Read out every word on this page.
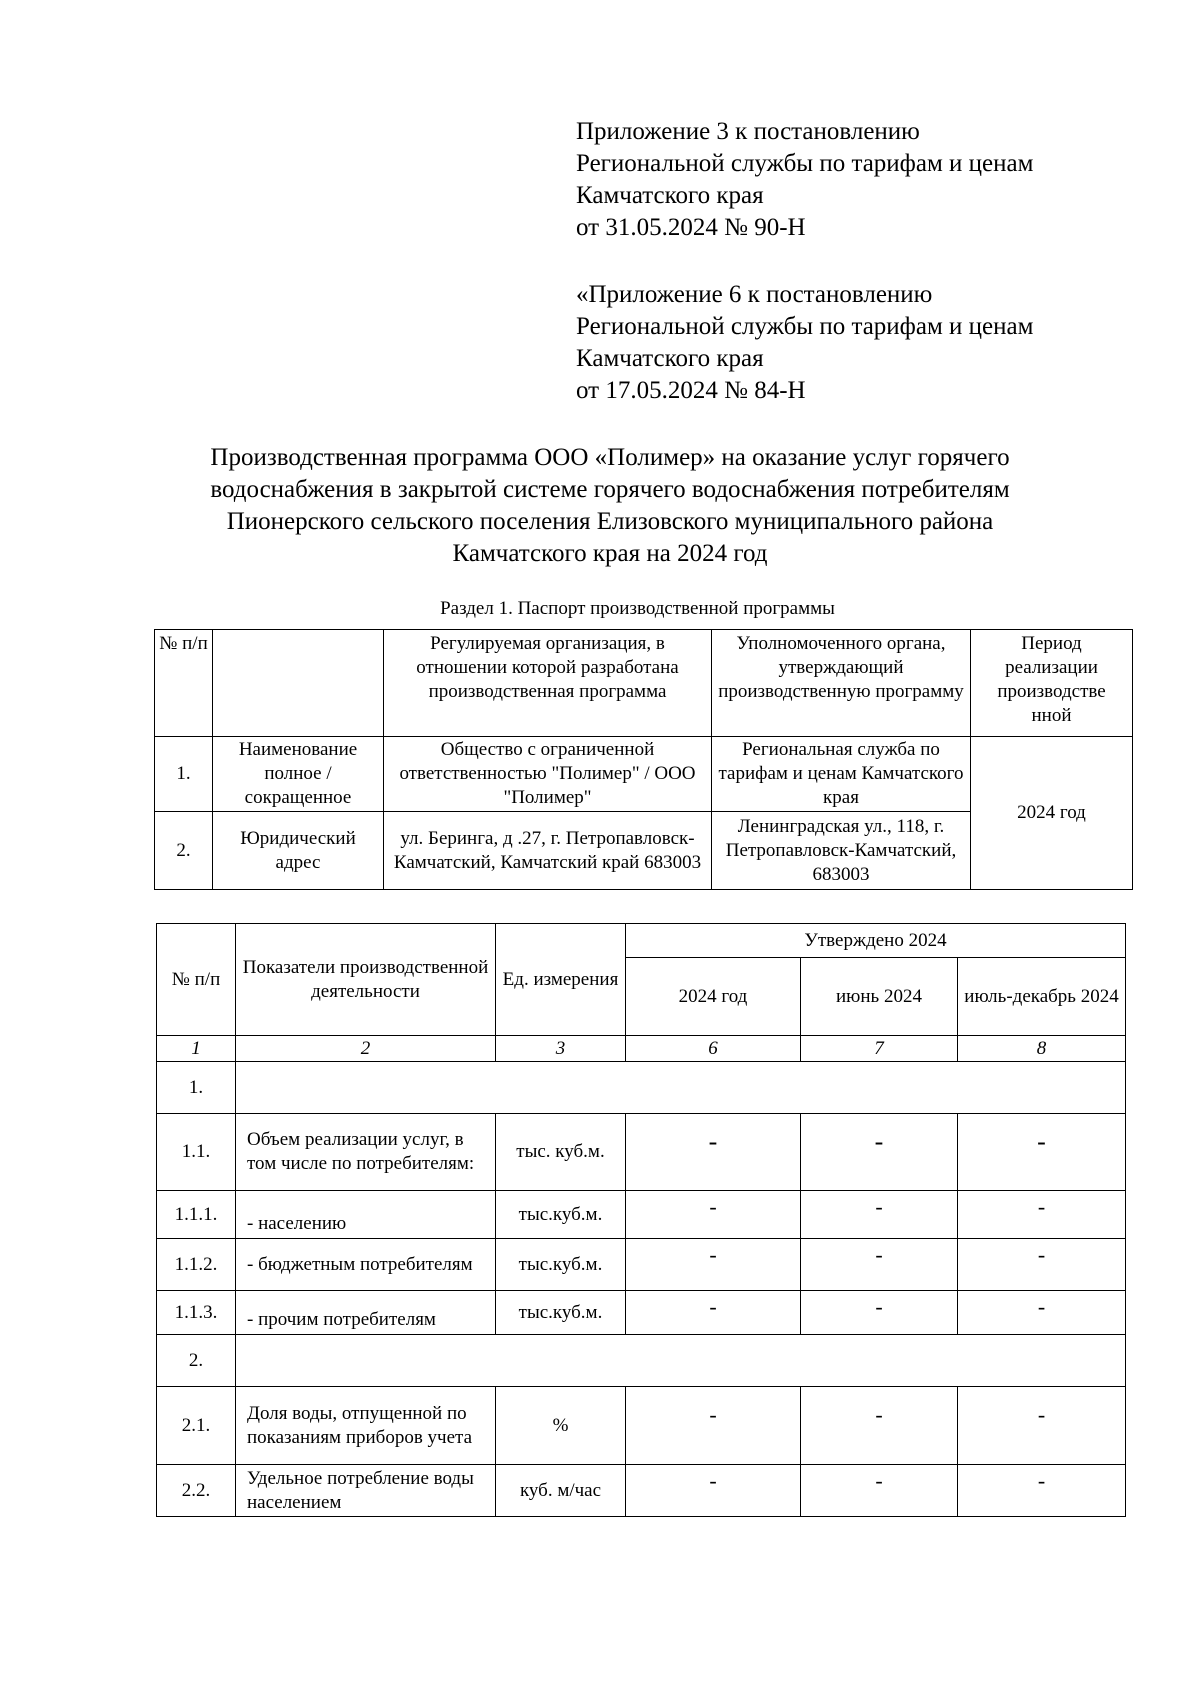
Приложение 3 к постановлению
Региональной службы по тарифам и ценам
Камчатского края
от 31.05.2024 № 90-Н
«Приложение 6 к постановлению
Региональной службы по тарифам и ценам
Камчатского края
от 17.05.2024 № 84-Н
Производственная программа ООО «Полимер» на оказание услуг горячего
водоснабжения в закрытой системе горячего водоснабжения потребителям
Пионерского сельского поселения Елизовского муниципального района
Камчатского края на 2024 год
Раздел 1. Паспорт производственной программы
№ п/п		Регулируемая организация, в отношении которой разработана производственная программа	Уполномоченного органа, утверждающий производственную программу	Период реализации производстве нной
1.	Наименование полное / сокращенное	Общество с ограниченной ответственностью "Полимер" / ООО "Полимер"	Региональная служба по тарифам и ценам Камчатского края	2024 год
2.	Юридический адрес	ул. Беринга, д .27, г. Петропавловск-Камчатский, Камчатский край 683003	Ленинградская ул., 118, г. Петропавловск-Камчатский, 683003	
№ п/п	Показатели производственной деятельности	Ед. измерения	Утверждено 2024		
			2024 год	июнь 2024	июль-декабрь 2024
1	2	3	6	7	8
1.					
1.1.	Объем реализации услуг, в том числе по потребителям:	тыс. куб.м.	-	-	-
1.1.1.	- населению	тыс.куб.м.	-	-	-
1.1.2.	- бюджетным потребителям	тыс.куб.м.	-	-	-
1.1.3.	- прочим потребителям	тыс.куб.м.	-	-	-
2.					
2.1.	Доля воды, отпущенной по показаниям приборов учета	%	-	-	-
2.2.	Удельное потребление воды населением	куб. м/час	-	-	-
